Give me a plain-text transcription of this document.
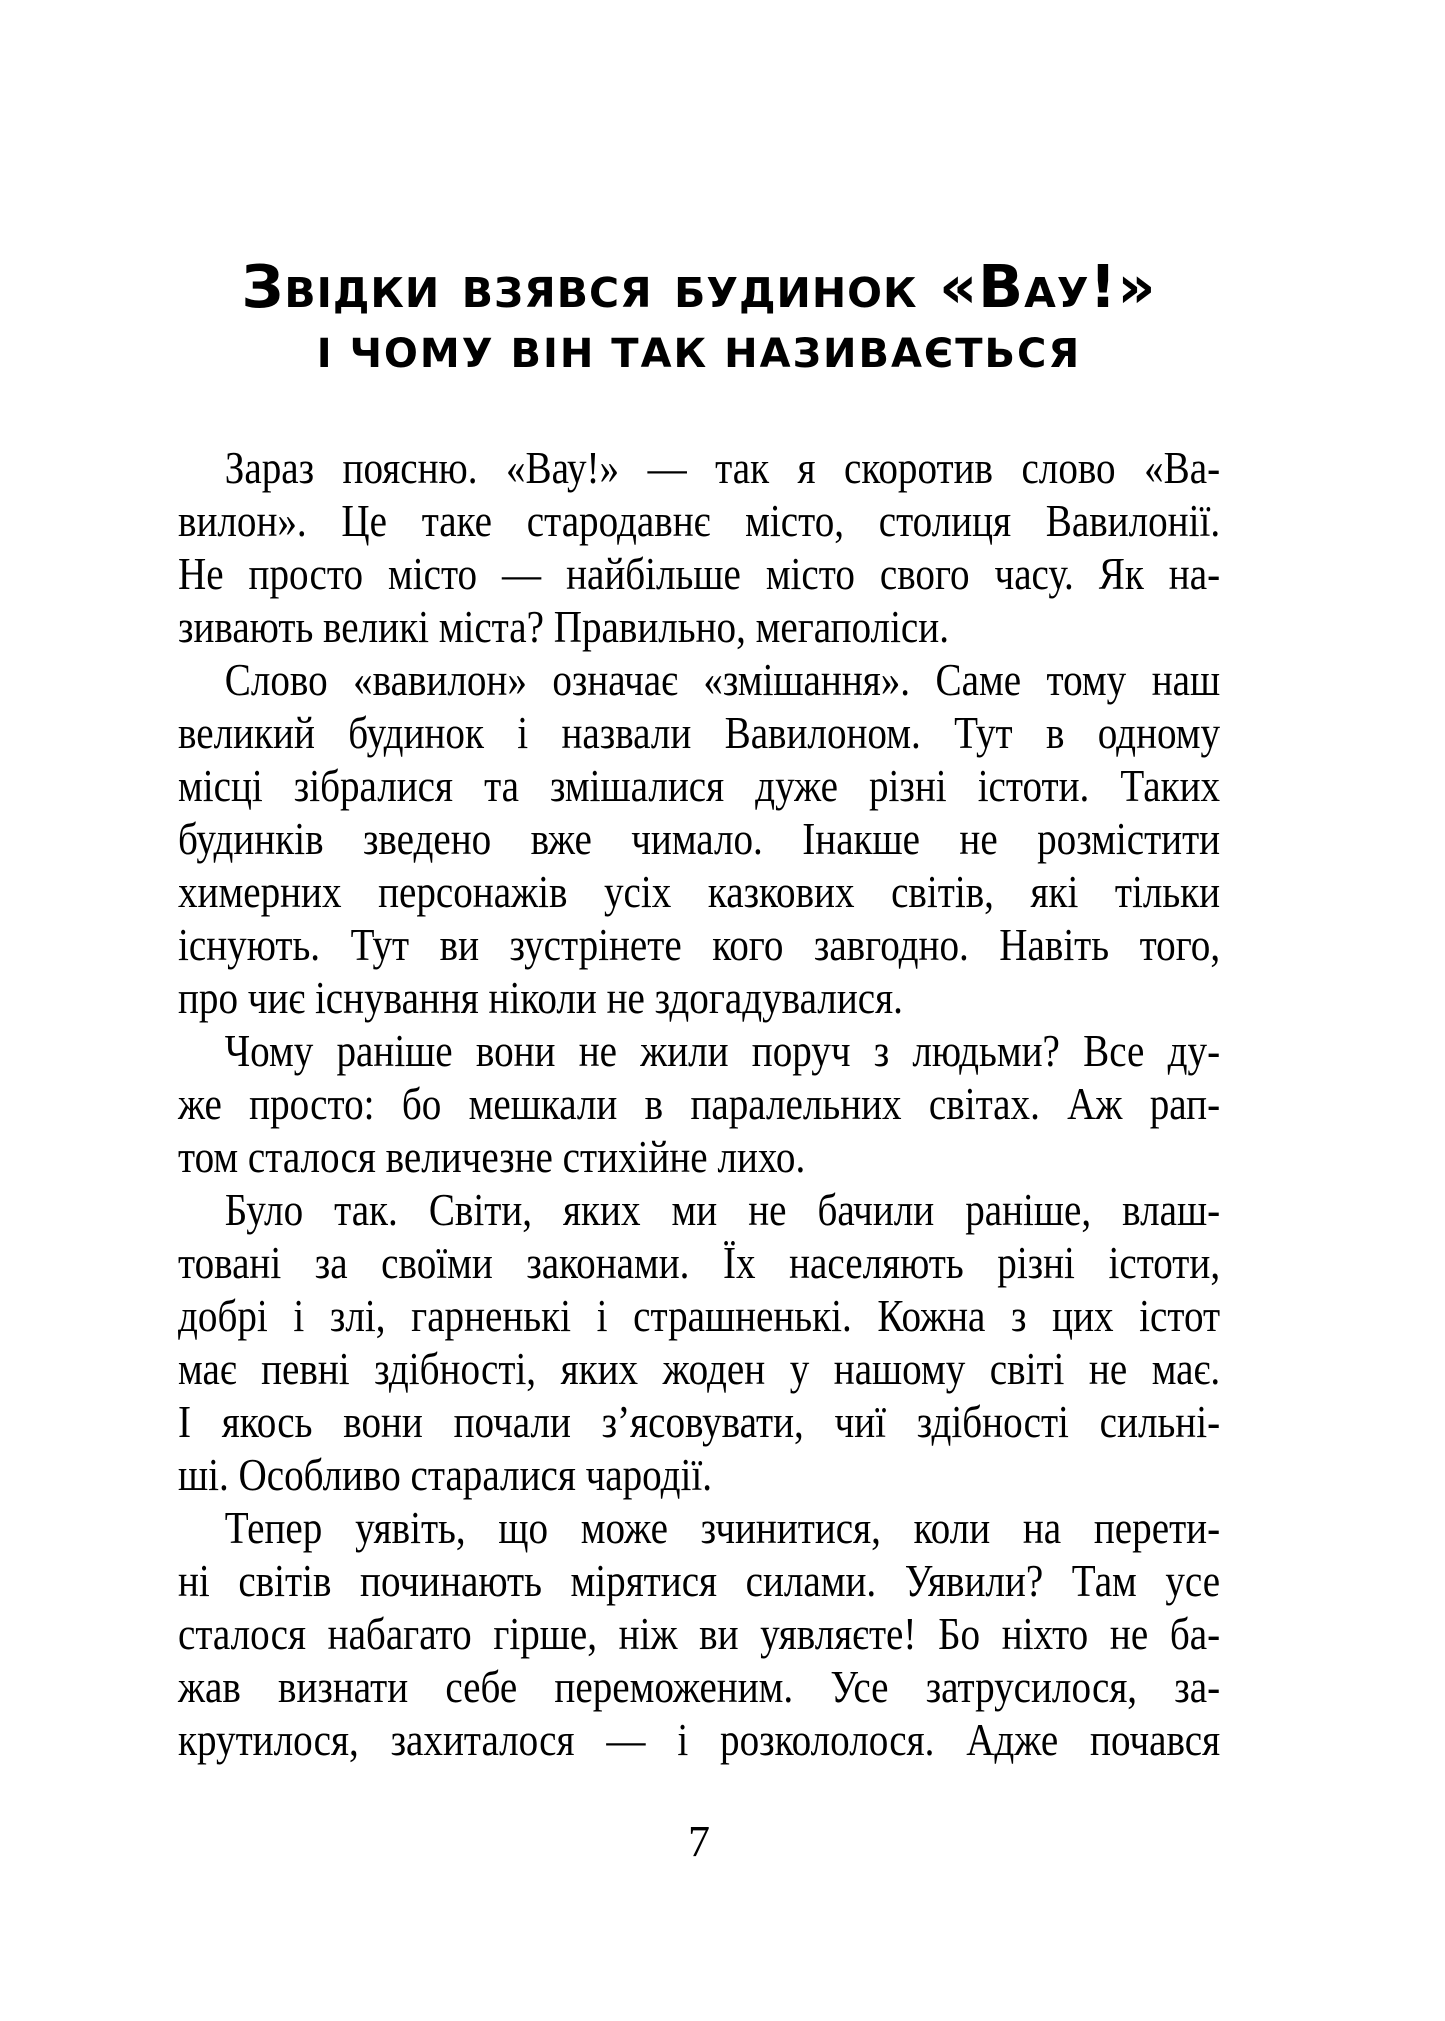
Звідки взявся будинок «Вау!»
І ЧОМУ ВІН ТАК НАЗИВАЄТЬСЯ
Зараз поясню. «Вау!» — так я скоротив слово «Ва-
вилон». Це таке стародавнє місто, столиця Вавилонії.
Не просто місто — найбільше місто свого часу. Як на-
зивають великі міста? Правильно, мегаполіси.
Слово «вавилон» означає «змішання». Саме тому наш
великий будинок і назвали Вавилоном. Тут в одному
місці зібралися та змішалися дуже різні істоти. Таких
будинків зведено вже чимало. Інакше не розмістити
химерних персонажів усіх казкових світів, які тільки
існують. Тут ви зустрінете кого завгодно. Навіть того,
про чиє існування ніколи не здогадувалися.
Чому раніше вони не жили поруч з людьми? Все ду-
же просто: бо мешкали в паралельних світах. Аж рап-
том сталося величезне стихійне лихо.
Було так. Світи, яких ми не бачили раніше, влаш-
товані за своїми законами. Їх населяють різні істоти,
добрі і злі, гарненькі і страшненькі. Кожна з цих істот
має певні здібності, яких жоден у нашому світі не має.
І якось вони почали з’ясовувати, чиї здібності сильні-
ші. Особливо старалися чародії.
Тепер уявіть, що може зчинитися, коли на перети-
ні світів починають мірятися силами. Уявили? Там усе
сталося набагато гірше, ніж ви уявляєте! Бо ніхто не ба-
жав визнати себе переможеним. Усе затрусилося, за-
крутилося, захиталося — і розкололося. Адже почався
7
